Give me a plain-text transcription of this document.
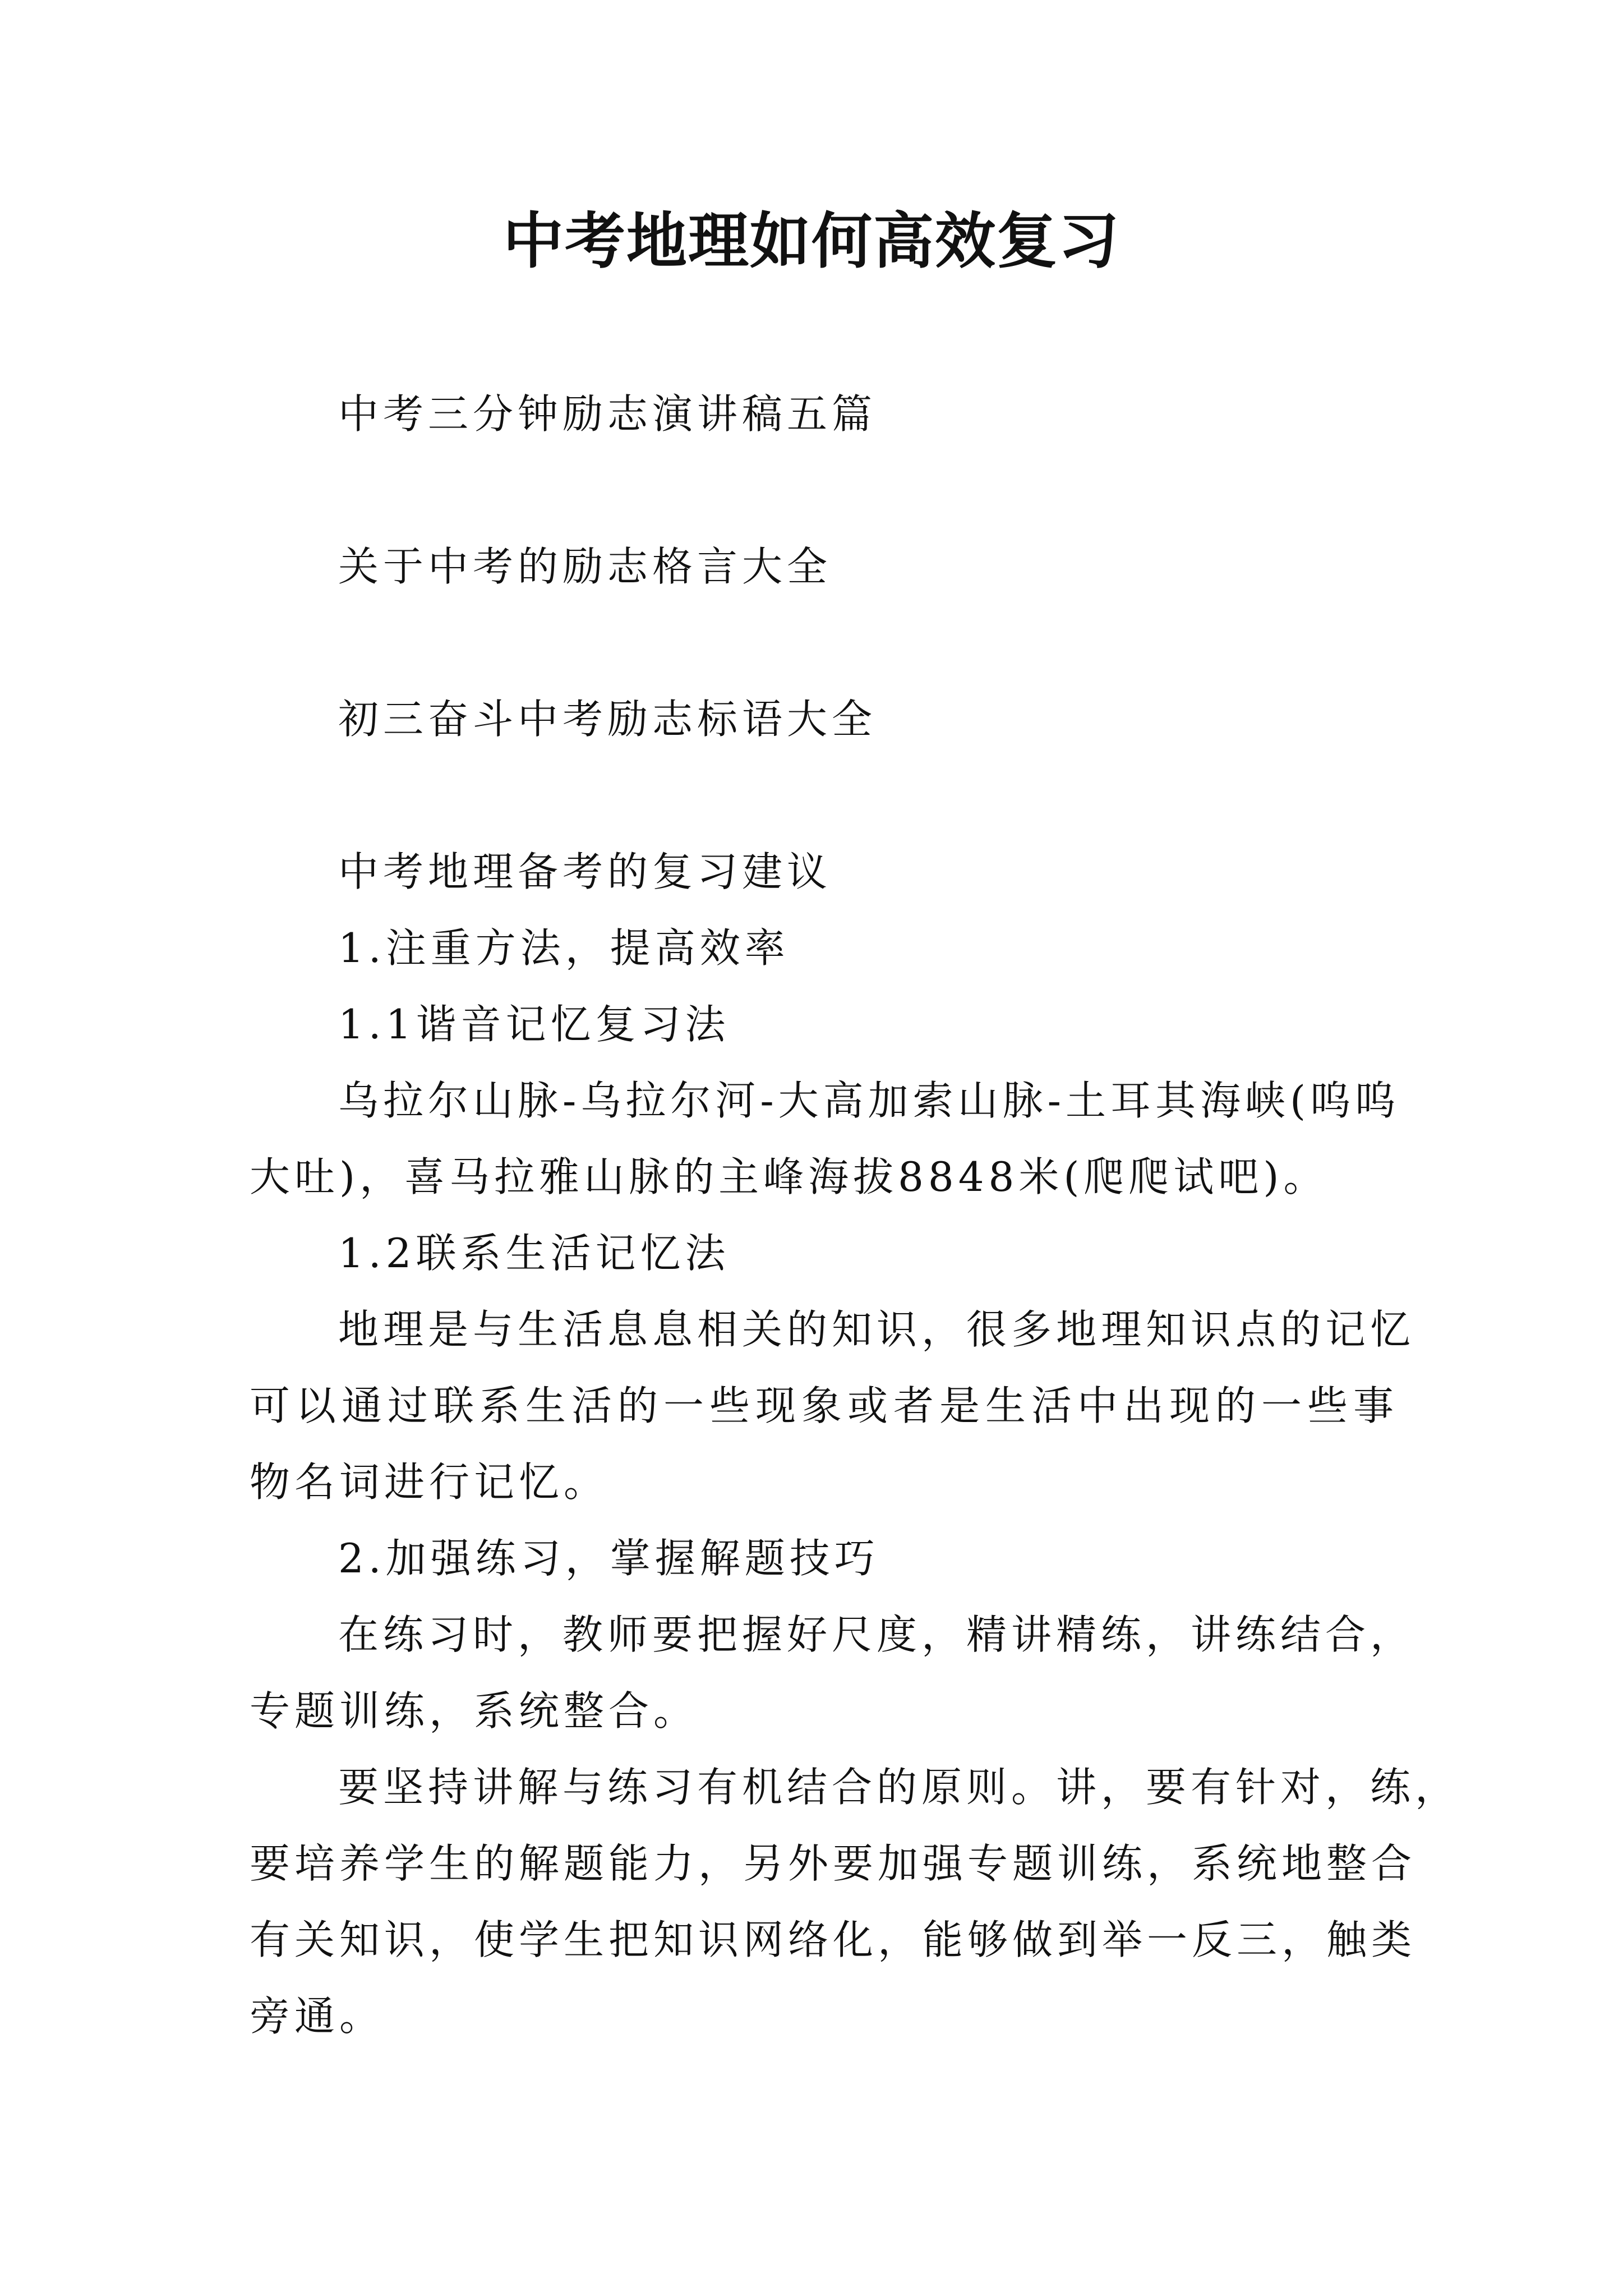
中考地理如何高效复习
中考三分钟励志演讲稿五篇
关于中考的励志格言大全
初三奋斗中考励志标语大全
中考地理备考的复习建议
1.注重方法，提高效率
1.1谐音记忆复习法
乌拉尔山脉-乌拉尔河-大高加索山脉-土耳其海峡(呜呜
大吐)，喜马拉雅山脉的主峰海拔8848米(爬爬试吧)。
1.2联系生活记忆法
地理是与生活息息相关的知识，很多地理知识点的记忆
可以通过联系生活的一些现象或者是生活中出现的一些事
物名词进行记忆。
2.加强练习，掌握解题技巧
在练习时，教师要把握好尺度，精讲精练，讲练结合，
专题训练，系统整合。
要坚持讲解与练习有机结合的原则。讲，要有针对，练，
要培养学生的解题能力，另外要加强专题训练，系统地整合
有关知识，使学生把知识网络化，能够做到举一反三，触类
旁通。
